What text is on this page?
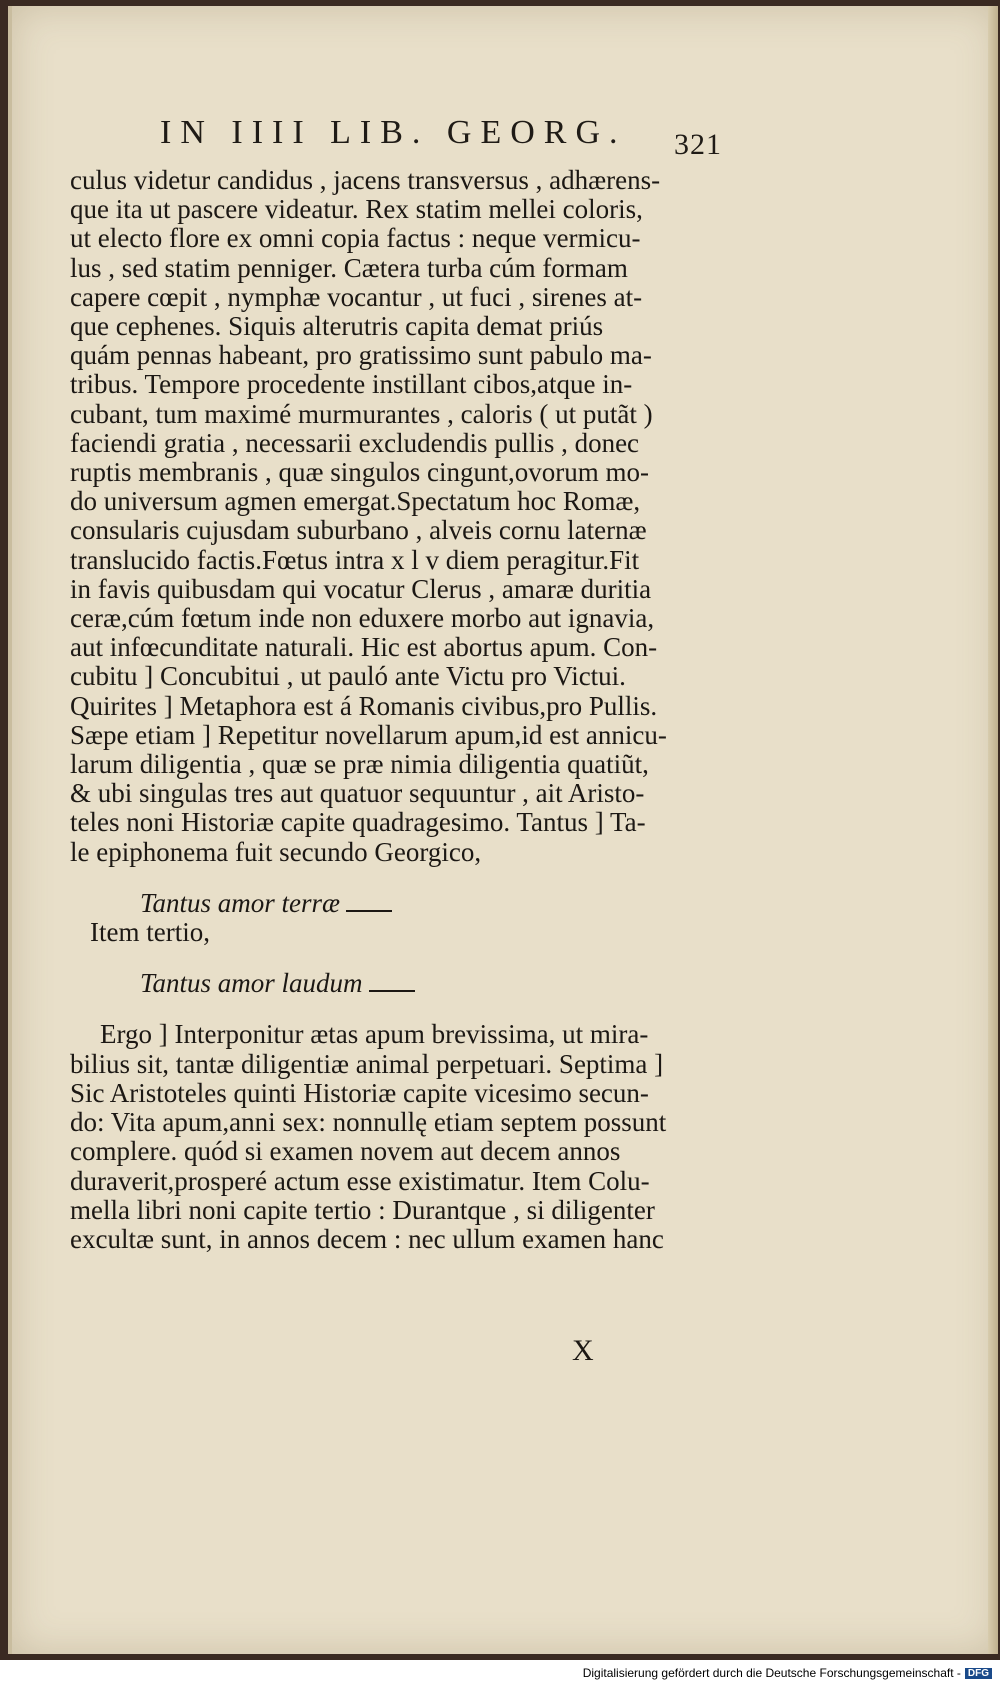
IN IIII LIB. GEORG.	321
culus videtur candidus , jacens transversus , adhærens-
que ita ut pascere videatur. Rex statim mellei coloris,
ut electo flore ex omni copia factus : neque vermicu-
lus , sed statim penniger. Cætera turba cúm formam
capere cœpit , nymphæ vocantur , ut fuci , sirenes at-
que cephenes. Siquis alterutris capita demat priús
quám pennas habeant, pro gratissimo sunt pabulo ma-
tribus. Tempore procedente instillant cibos,atque in-
cubant, tum maximé murmurantes , caloris ( ut putãt )
faciendi gratia , necessarii excludendis pullis , donec
ruptis membranis , quæ singulos cingunt,ovorum mo-
do universum agmen emergat.Spectatum hoc Romæ,
consularis cujusdam suburbano , alveis cornu laternæ
translucido factis.Fœtus intra x l v diem peragitur.Fit
in favis quibusdam qui vocatur Clerus , amaræ duritia
ceræ,cúm fœtum inde non eduxere morbo aut ignavia,
aut infœcunditate naturali. Hic est abortus apum. Con-
cubitu ] Concubitui , ut pauló ante Victu pro Victui.
Quirites ] Metaphora est á Romanis civibus,pro Pullis.
Sæpe etiam ] Repetitur novellarum apum,id est annicu-
larum diligentia , quæ se præ nimia diligentia quatiũt,
& ubi singulas tres aut quatuor sequuntur , ait Aristo-
teles noni Historiæ capite quadragesimo. Tantus ] Ta-
le epiphonema fuit secundo Georgico,
Tantus amor terræ
Item tertio,
Tantus amor laudum
Ergo ] Interponitur ætas apum brevissima, ut mira-
bilius sit, tantæ diligentiæ animal perpetuari. Septima ]
Sic Aristoteles quinti Historiæ capite vicesimo secun-
do: Vita apum,anni sex: nonnullę etiam septem possunt
complere. quód si examen novem aut decem annos
duraverit,prosperé actum esse existimatur. Item Colu-
mella libri noni capite tertio : Durantque , si diligenter
excultæ sunt, in annos decem : nec ullum examen hanc
X
Digitalisierung gefördert durch die Deutsche Forschungsgemeinschaft - DFG
